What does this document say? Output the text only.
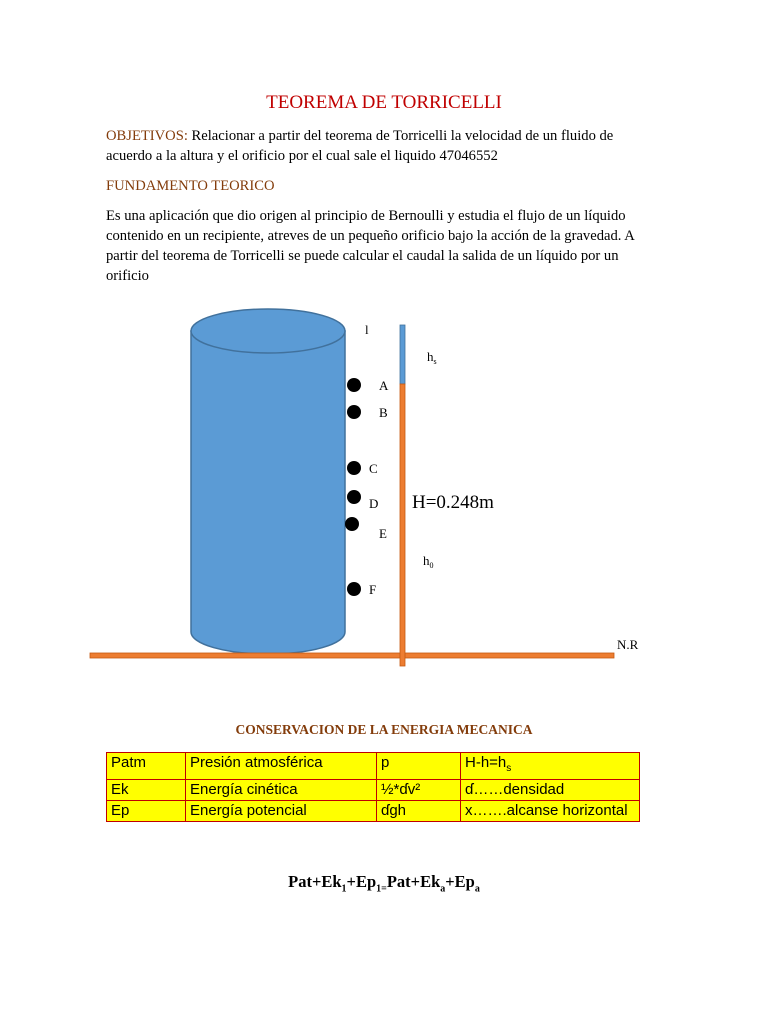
TEOREMA DE TORRICELLI
OBJETIVOS: Relacionar a partir del teorema de Torricelli la velocidad de un fluido de acuerdo a la altura y el orificio por el cual sale el liquido 47046552
FUNDAMENTO TEORICO
Es una aplicación que dio origen al principio de Bernoulli y estudia el flujo de un líquido contenido en un recipiente, atreves de un pequeño orificio bajo la acción de la gravedad. A partir del teorema de Torricelli se puede calcular el caudal la salida de un líquido por un orificio
l
$h_s$
A
B
C
D
E
$h_0$
F
N.R
H=0.248m
CONSERVACION DE LA ENERGIA MECANICA
Patm	Presión atmosférica	p	$H-h=h_s$
Ek	Energía cinética	½*ɗv²	ɗ……densidad
Ep	Energía potencial	ɗgh	x…….alcanse horizontal
$Pat+Ek_1+Ep_{1=}Pat+Ek_a+Ep_a$
